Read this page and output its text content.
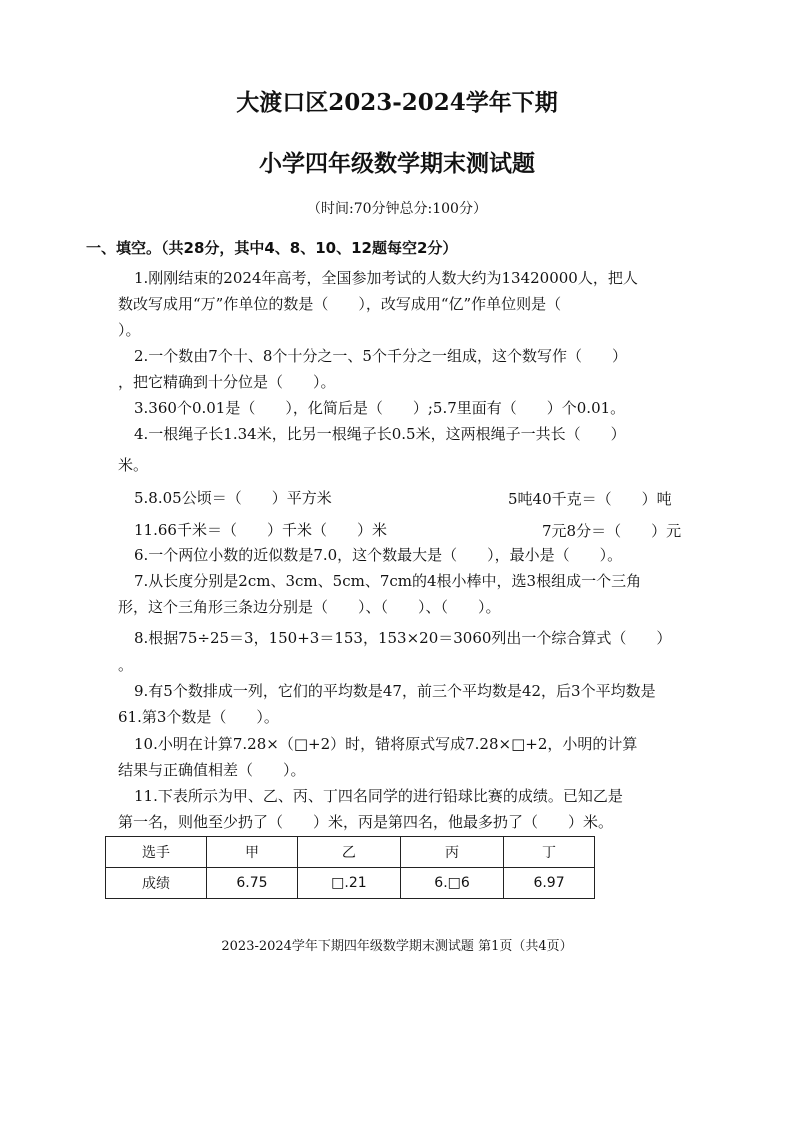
大渡口区2023-2024学年下期
小学四年级数学期末测试题
（时间:70分钟总分:100分）
一、填空。（共28分，其中4、8、10、12题每空2分）
1.刚刚结束的2024年高考，全国参加考试的人数大约为13420000人，把人
数改写成用“万”作单位的数是（　　），改写成用“亿”作单位则是（
）。
2.一个数由7个十、8个十分之一、5个千分之一组成，这个数写作（　　）
，把它精确到十分位是（　　）。
3.360个0.01是（　　），化简后是（　　）;5.7里面有（　　）个0.01。
4.一根绳子长1.34米，比另一根绳子长0.5米，这两根绳子一共长（　　）
米。
5.8.05公顷＝（　　）平方米	5吨40千克＝（　　）吨
11.66千米＝（　　）千米（　　）米	7元8分＝（　　）元
6.一个两位小数的近似数是7.0，这个数最大是（　　），最小是（　　）。
7.从长度分别是2cm、3cm、5cm、7cm的4根小棒中，选3根组成一个三角
形，这个三角形三条边分别是（　　）、（　　）、（　　）。
8.根据75÷25＝3，150+3＝153，153×20＝3060列出一个综合算式（　　）
。
9.有5个数排成一列，它们的平均数是47，前三个平均数是42，后3个平均数是
61.第3个数是（　　）。
10.小明在计算7.28×（□+2）时，错将原式写成7.28×□+2，小明的计算
结果与正确值相差（　　）。
11.下表所示为甲、乙、丙、丁四名同学的进行铅球比赛的成绩。已知乙是
第一名，则他至少扔了（　　）米，丙是第四名，他最多扔了（　　）米。
选手	甲	乙	丙	丁
成绩	6.75	□.21	6.□6	6.97
2023-2024学年下期四年级数学期末测试题 第1页（共4页）
